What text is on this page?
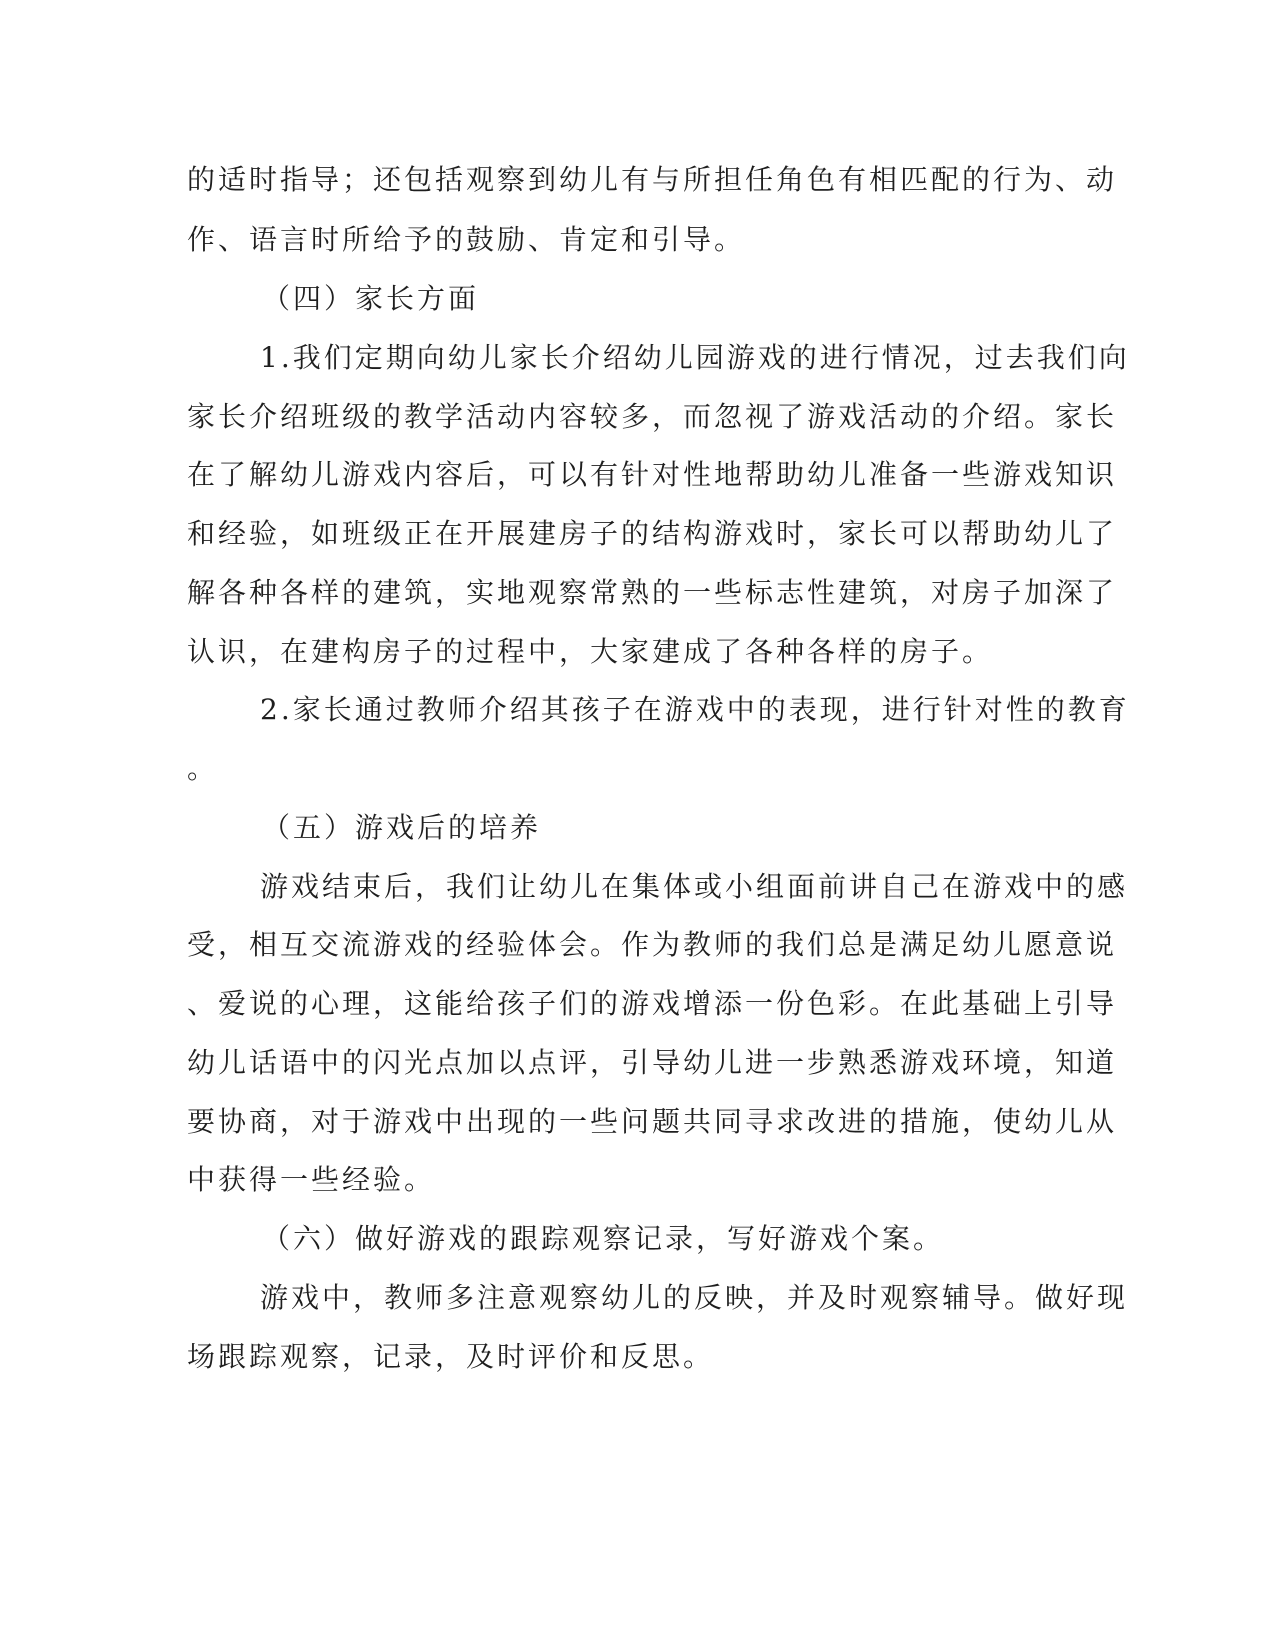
的适时指导；还包括观察到幼儿有与所担任角色有相匹配的行为、动
作、语言时所给予的鼓励、肯定和引导。
（四）家长方面
1.我们定期向幼儿家长介绍幼儿园游戏的进行情况，过去我们向
家长介绍班级的教学活动内容较多，而忽视了游戏活动的介绍。家长
在了解幼儿游戏内容后，可以有针对性地帮助幼儿准备一些游戏知识
和经验，如班级正在开展建房子的结构游戏时，家长可以帮助幼儿了
解各种各样的建筑，实地观察常熟的一些标志性建筑，对房子加深了
认识，在建构房子的过程中，大家建成了各种各样的房子。
2.家长通过教师介绍其孩子在游戏中的表现，进行针对性的教育
。
（五）游戏后的培养
游戏结束后，我们让幼儿在集体或小组面前讲自己在游戏中的感
受，相互交流游戏的经验体会。作为教师的我们总是满足幼儿愿意说
、爱说的心理，这能给孩子们的游戏增添一份色彩。在此基础上引导
幼儿话语中的闪光点加以点评，引导幼儿进一步熟悉游戏环境，知道
要协商，对于游戏中出现的一些问题共同寻求改进的措施，使幼儿从
中获得一些经验。
（六）做好游戏的跟踪观察记录，写好游戏个案。
游戏中，教师多注意观察幼儿的反映，并及时观察辅导。做好现
场跟踪观察，记录，及时评价和反思。
